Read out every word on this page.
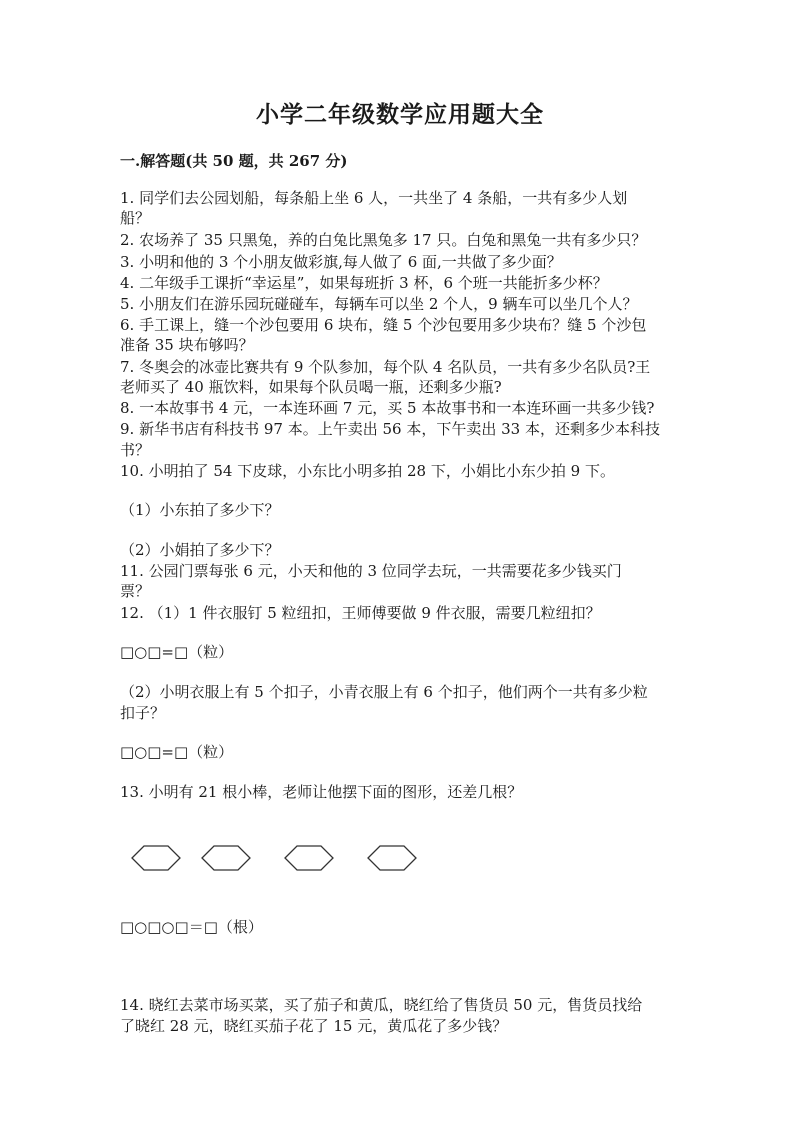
小学二年级数学应用题大全
一.解答题(共 50 题，共 267 分)
1. 同学们去公园划船，每条船上坐 6 人，一共坐了 4 条船，一共有多少人划
船？
2. 农场养了 35 只黑兔，养的白兔比黑兔多 17 只。白兔和黑兔一共有多少只？
3. 小明和他的 3 个小朋友做彩旗,每人做了 6 面,一共做了多少面？
4. 二年级手工课折“幸运星”，如果每班折 3 杯，6 个班一共能折多少杯？
5. 小朋友们在游乐园玩碰碰车，每辆车可以坐 2 个人，9 辆车可以坐几个人？
6. 手工课上，缝一个沙包要用 6 块布，缝 5 个沙包要用多少块布？缝 5 个沙包
准备 35 块布够吗？
7. 冬奥会的冰壶比赛共有 9 个队参加，每个队 4 名队员，一共有多少名队员?王
老师买了 40 瓶饮料，如果每个队员喝一瓶，还剩多少瓶?
8. 一本故事书 4 元，一本连环画 7 元，买 5 本故事书和一本连环画一共多少钱?
9. 新华书店有科技书 97 本。上午卖出 56 本，下午卖出 33 本，还剩多少本科技
书？
10. 小明拍了 54 下皮球，小东比小明多拍 28 下，小娟比小东少拍 9 下。
（1）小东拍了多少下？
（2）小娟拍了多少下？
11. 公园门票每张 6 元，小天和他的 3 位同学去玩，一共需要花多少钱买门
票？
12. （1）1 件衣服钉 5 粒纽扣，王师傅要做 9 件衣服，需要几粒纽扣？
□○□=□（粒）
（2）小明衣服上有 5 个扣子，小青衣服上有 6 个扣子，他们两个一共有多少粒
扣子？
□○□=□（粒）
13. 小明有 21 根小棒，老师让他摆下面的图形，还差几根？
□○□○□＝□（根）
14. 晓红去菜市场买菜，买了茄子和黄瓜，晓红给了售货员 50 元，售货员找给
了晓红 28 元，晓红买茄子花了 15 元，黄瓜花了多少钱？
